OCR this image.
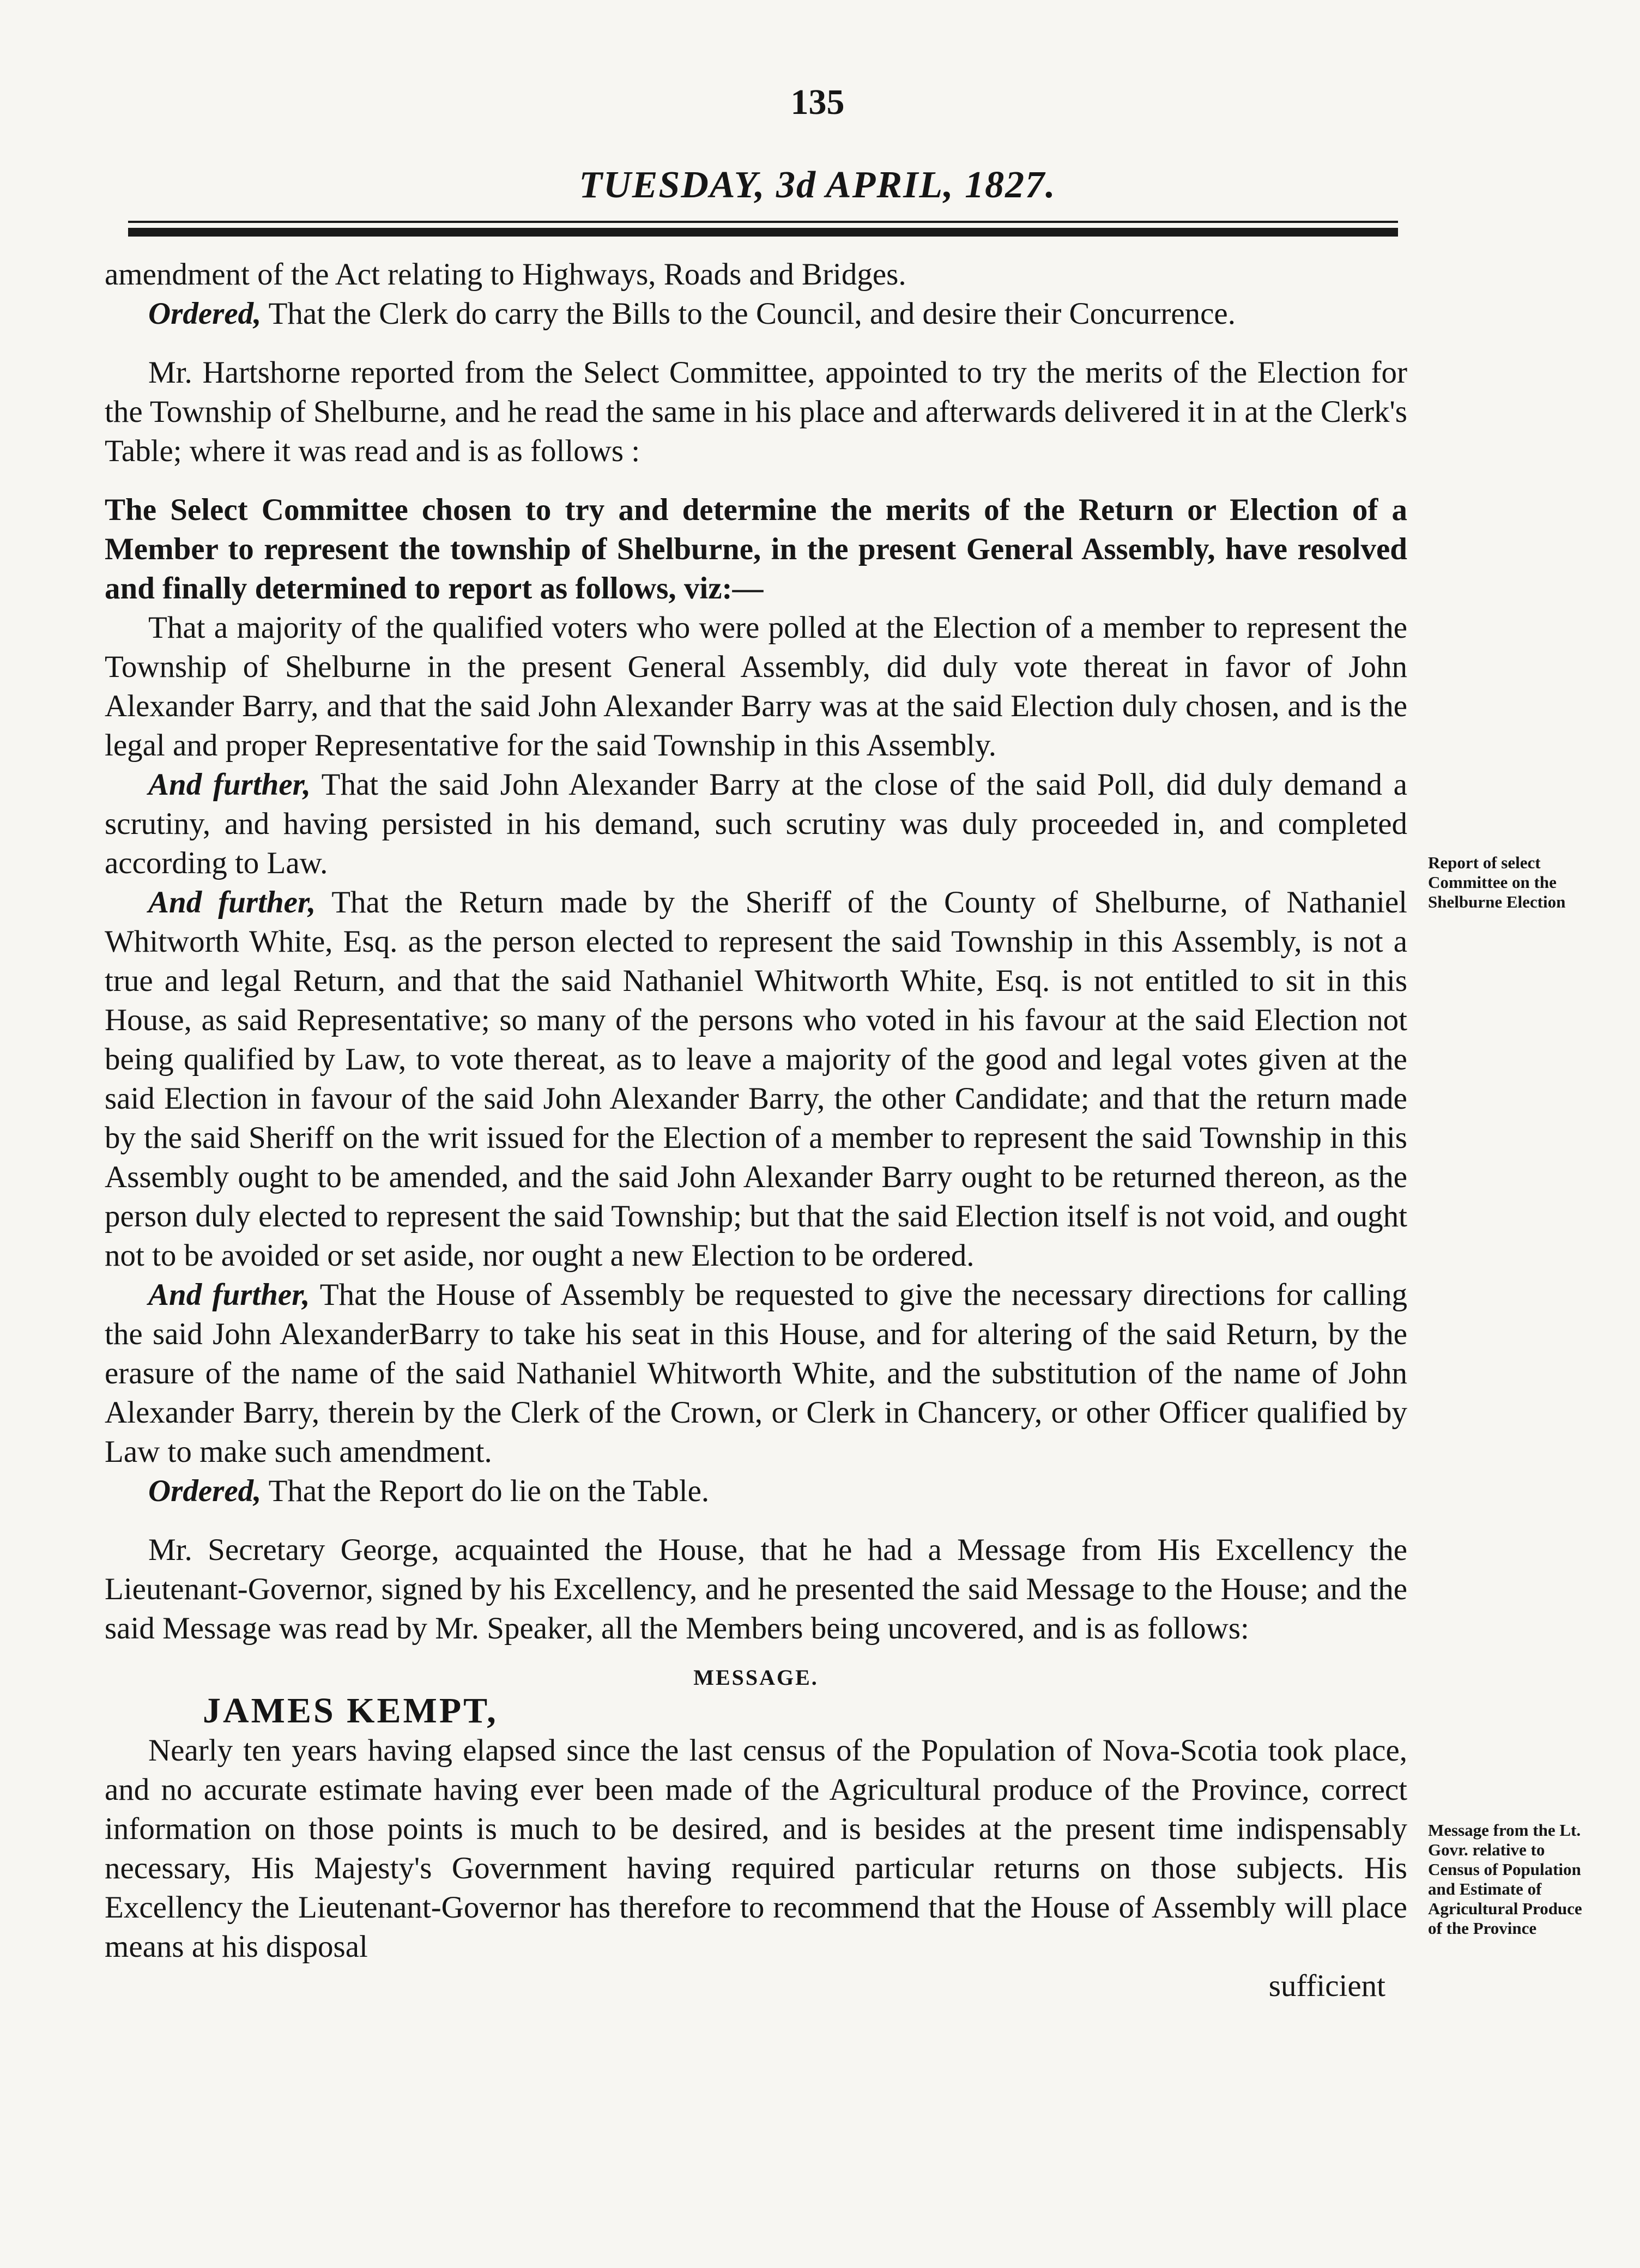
135
TUESDAY, 3d APRIL, 1827.

amendment of the Act relating to Highways, Roads and Bridges.

Ordered, That the Clerk do carry the Bills to the Council, and desire their Concurrence.

Mr. Hartshorne reported from the Select Committee, appointed to try the merits of the Election for the Township of Shelburne, and he read the same in his place and afterwards delivered it in at the Clerk's Table; where it was read and is as follows :

The Select Committee chosen to try and determine the merits of the Return or Election of a Member to represent the township of Shelburne, in the present General Assembly, have resolved and finally determined to report as follows, viz:—

That a majority of the qualified voters who were polled at the Election of a member to represent the Township of Shelburne in the present General Assembly, did duly vote thereat in favor of John Alexander Barry, and that the said John Alexander Barry was at the said Election duly chosen, and is the legal and proper Representative for the said Township in this Assembly.

And further, That the said John Alexander Barry at the close of the said Poll, did duly demand a scrutiny, and having persisted in his demand, such scrutiny was duly proceeded in, and completed according to Law.

And further, That the Return made by the Sheriff of the County of Shelburne, of Nathaniel Whitworth White, Esq. as the person elected to represent the said Township in this Assembly, is not a true and legal Return, and that the said Nathaniel Whitworth White, Esq. is not entitled to sit in this House, as said Representative; so many of the persons who voted in his favour at the said Election not being qualified by Law, to vote thereat, as to leave a majority of the good and legal votes given at the said Election in favour of the said John Alexander Barry, the other Candidate; and that the return made by the said Sheriff on the writ issued for the Election of a member to represent the said Township in this Assembly ought to be amended, and the said John Alexander Barry ought to be returned thereon, as the person duly elected to represent the said Township; but that the said Election itself is not void, and ought not to be avoided or set aside, nor ought a new Election to be ordered.

And further, That the House of Assembly be requested to give the necessary directions for calling the said John AlexanderBarry to take his seat in this House, and for altering of the said Return, by the erasure of the name of the said Nathaniel Whitworth White, and the substitution of the name of John Alexander Barry, therein by the Clerk of the Crown, or Clerk in Chancery, or other Officer qualified by Law to make such amendment.

Ordered, That the Report do lie on the Table.

Mr. Secretary George, acquainted the House, that he had a Message from His Excellency the Lieutenant-Governor, signed by his Excellency, and he presented the said Message to the House; and the said Message was read by Mr. Speaker, all the Members being uncovered, and is as follows:

MESSAGE.

JAMES KEMPT,

Nearly ten years having elapsed since the last census of the Population of Nova-Scotia took place, and no accurate estimate having ever been made of the Agricultural produce of the Province, correct information on those points is much to be desired, and is besides at the present time indispensably necessary, His Majesty's Government having required particular returns on those subjects. His Excellency the Lieutenant-Governor has therefore to recommend that the House of Assembly will place means at his disposal

sufficient

Report of select Committee on the Shelburne Election
Message from the Lt. Govr. relative to Census of Population and Estimate of Agricultural Produce of the Province
